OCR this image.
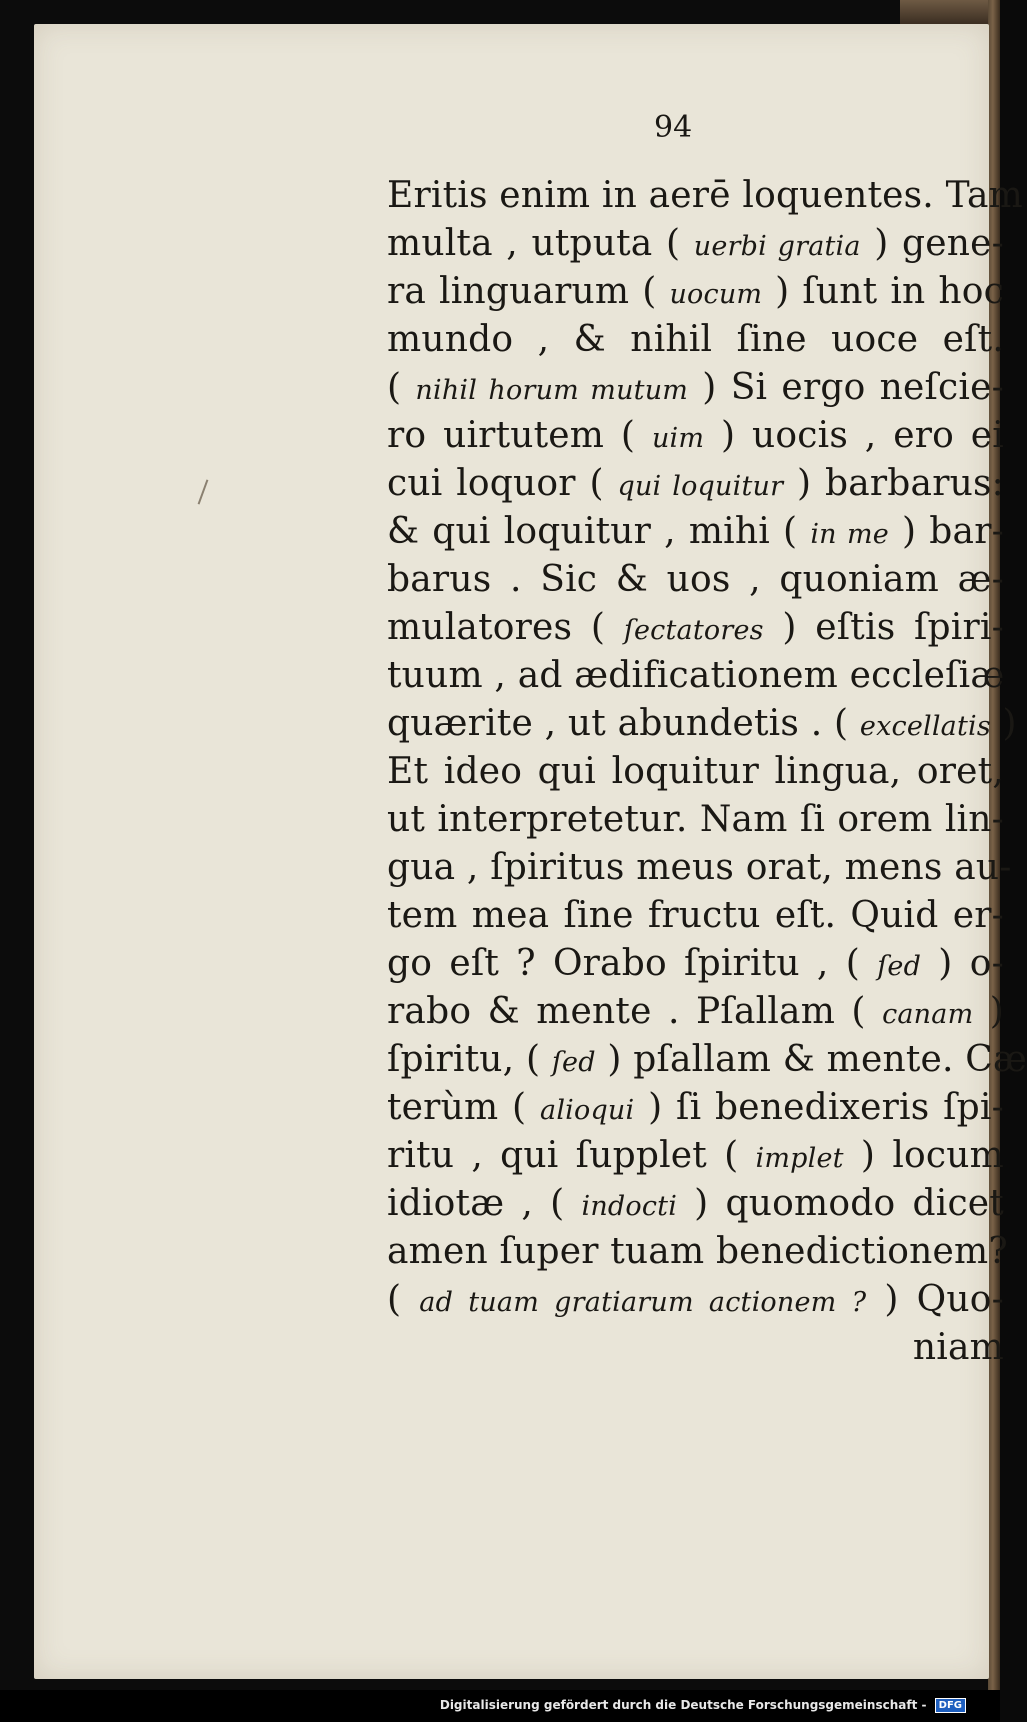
94
Eritis enim in aerē loquentes. Tam
multa , utputa ( uerbi gratia ) gene-
ra linguarum ( uocum ) ſunt in hoc
mundo , & nihil ſine uoce eſt.
( nihil horum mutum ) Si ergo neſcie-
ro uirtutem ( uim ) uocis , ero ei
cui loquor ( qui loquitur ) barbarus:
& qui loquitur , mihi ( in me ) bar-
barus . Sic & uos , quoniam æ-
mulatores ( ſectatores ) eſtis ſpiri-
tuum , ad ædificationem eccleſiæ
quærite , ut abundetis . ( excellatis )
Et ideo qui loquitur lingua, oret,
ut interpretetur. Nam ſi orem lin-
gua , ſpiritus meus orat, mens au-
tem mea ſine fructu eſt. Quid er-
go eſt ? Orabo ſpiritu , ( ſed ) o-
rabo & mente . Pſallam ( canam )
ſpiritu, ( ſed ) pſallam & mente. Cæ
terùm ( alioqui ) ſi benedixeris ſpi-
ritu , qui ſupplet ( implet ) locum
idiotæ , ( indocti ) quomodo dicet
amen ſuper tuam benedictionem?
( ad tuam gratiarum actionem ? ) Quo-
niam
Digitalisierung gefördert durch die Deutsche Forschungsgemeinschaft - DFG
